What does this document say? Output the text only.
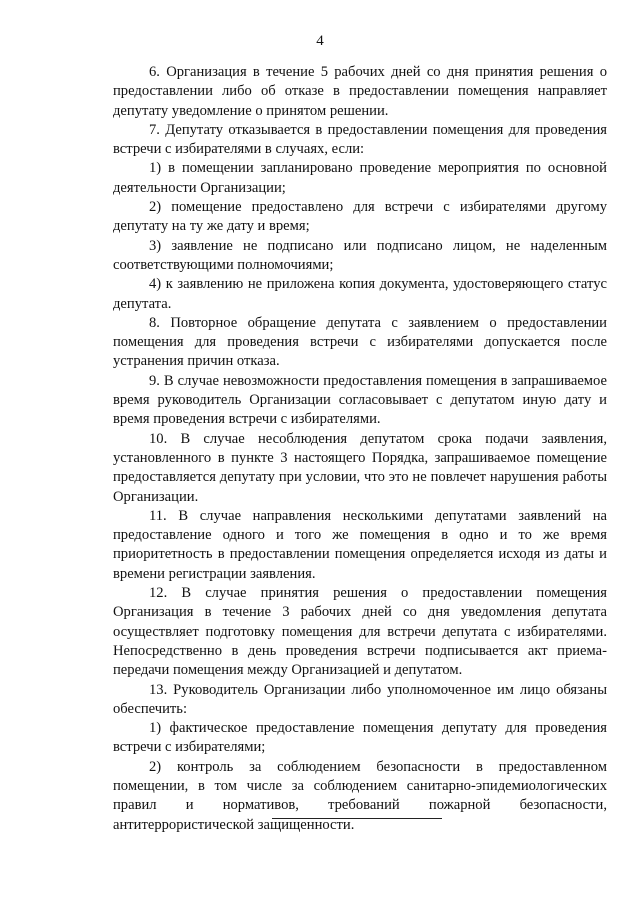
4

6. Организация в течение 5 рабочих дней со дня принятия решения о предоставлении либо об отказе в предоставлении помещения направляет депутату уведомление о принятом решении.

7. Депутату отказывается в предоставлении помещения для проведения встречи с избирателями в случаях, если:

1) в помещении запланировано проведение мероприятия по основной деятельности Организации;

2) помещение предоставлено для встречи с избирателями другому депутату на ту же дату и время;

3) заявление не подписано или подписано лицом, не наделенным соответствующими полномочиями;

4) к заявлению не приложена копия документа, удостоверяющего статус депутата.

8. Повторное обращение депутата с заявлением о предоставлении помещения для проведения встречи с избирателями допускается после устранения причин отказа.

9. В случае невозможности предоставления помещения в запрашиваемое время руководитель Организации согласовывает с депутатом иную дату и время проведения встречи с избирателями.

10. В случае несоблюдения депутатом срока подачи заявления, установленного в пункте 3 настоящего Порядка, запрашиваемое помещение предоставляется депутату при условии, что это не повлечет нарушения работы Организации.

11. В случае направления несколькими депутатами заявлений на предоставление одного и того же помещения в одно и то же время приоритетность в предоставлении помещения определяется исходя из даты и времени регистрации заявления.

12. В случае принятия решения о предоставлении помещения Организация в течение 3 рабочих дней со дня уведомления депутата осуществляет подготовку помещения для встречи депутата с избирателями. Непосредственно в день проведения встречи подписывается акт приема-передачи помещения между Организацией и депутатом.

13. Руководитель Организации либо уполномоченное им лицо обязаны обеспечить:

1) фактическое предоставление помещения депутату для проведения встречи с избирателями;

2) контроль за соблюдением безопасности в предоставленном помещении, в том числе за соблюдением санитарно-эпидемиологических правил и нормативов, требований пожарной безопасности, антитеррористической защищенности.
